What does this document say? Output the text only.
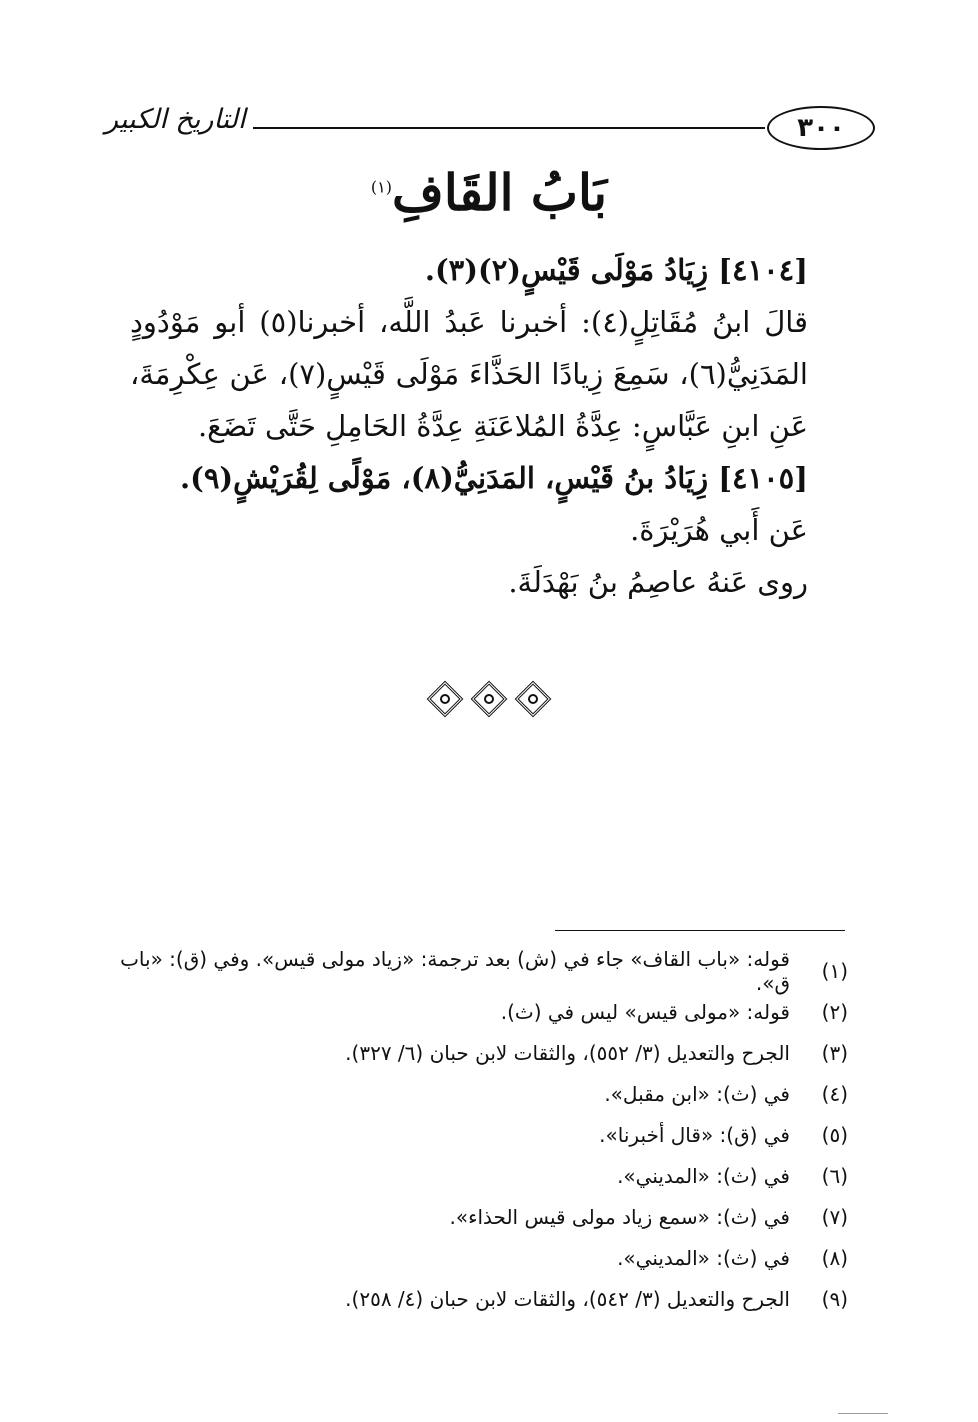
٣٠٠
التاريخ الكبير
بَابُ القَافِ$^{(١)}$

[٤١٠٤] زِيَادُ مَوْلَى قَيْسٍ(٢)(٣).

قالَ ابنُ مُقَاتِلٍ(٤): أخبرنا عَبدُ اللَّه، أخبرنا(٥) أبو مَوْدُودٍ المَدَنِيُّ(٦)، سَمِعَ زِيادًا الحَذَّاءَ مَوْلَى قَيْسٍ(٧)، عَن عِكْرِمَةَ، عَنِ ابنِ عَبَّاسٍ: عِدَّةُ المُلاعَنَةِ عِدَّةُ الحَامِلِ حَتَّى تَضَعَ.

[٤١٠٥] زِيَادُ بنُ قَيْسٍ، المَدَنِيُّ(٨)، مَوْلًى لِقُرَيْشٍ(٩).

عَن أَبي هُرَيْرَةَ.

روى عَنهُ عاصِمُ بنُ بَهْدَلَةَ.

(١)
قوله: «باب القاف» جاء في (ش) بعد ترجمة: «زياد مولى قيس». وفي (ق): «باب ق».
(٢)
قوله: «مولى قيس» ليس في (ث).
(٣)
الجرح والتعديل (٣/ ٥٥٢)، والثقات لابن حبان (٦/ ٣٢٧).
(٤)
في (ث): «ابن مقبل».
(٥)
في (ق): «قال أخبرنا».
(٦)
في (ث): «المديني».
(٧)
في (ث): «سمع زياد مولى قيس الحذاء».
(٨)
في (ث): «المديني».
(٩)
الجرح والتعديل (٣/ ٥٤٢)، والثقات لابن حبان (٤/ ٢٥٨).
